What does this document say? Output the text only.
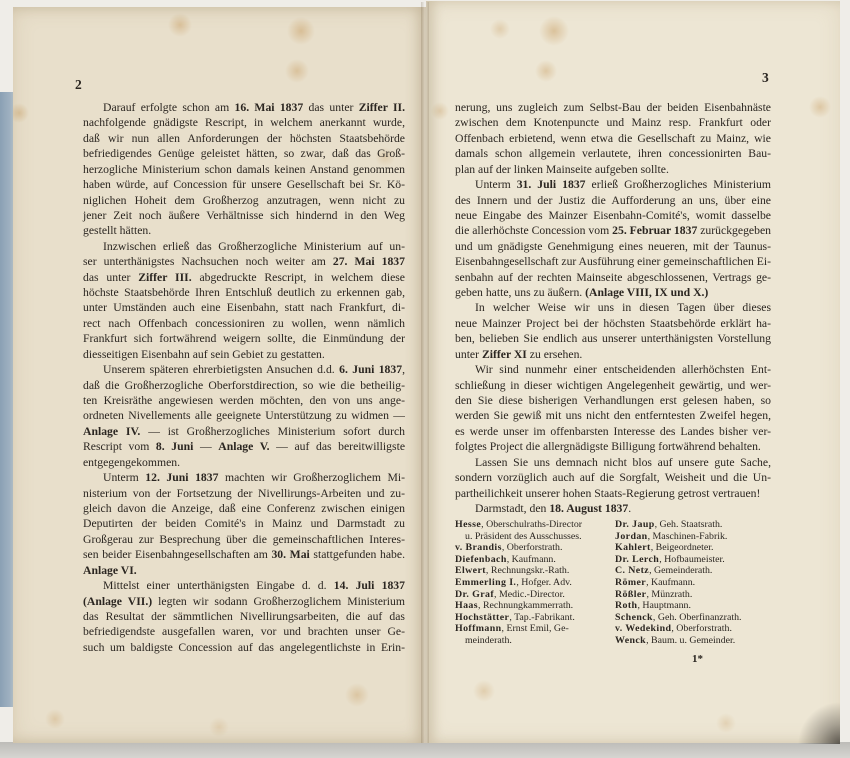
2
Darauf erfolgte schon am 16. Mai 1837 das unter Ziffer II.
nachfolgende gnädigste Rescript, in welchem anerkannt wurde,
daß wir nun allen Anforderungen der höchsten Staatsbehörde
befriedigendes Genüge geleistet hätten, so zwar, daß das Groß-
herzogliche Ministerium schon damals keinen Anstand genommen
haben würde, auf Concession für unsere Gesellschaft bei Sr. Kö-
niglichen Hoheit dem Großherzog anzutragen, wenn nicht zu
jener Zeit noch äußere Verhältnisse sich hindernd in den Weg
gestellt hätten.
Inzwischen erließ das Großherzogliche Ministerium auf un-
ser unterthänigstes Nachsuchen noch weiter am 27. Mai 1837
das unter Ziffer III. abgedruckte Rescript, in welchem diese
höchste Staatsbehörde Ihren Entschluß deutlich zu erkennen gab,
unter Umständen auch eine Eisenbahn, statt nach Frankfurt, di-
rect nach Offenbach concessioniren zu wollen, wenn nämlich
Frankfurt sich fortwährend weigern sollte, die Einmündung der
diesseitigen Eisenbahn auf sein Gebiet zu gestatten.
Unserem späteren ehrerbietigsten Ansuchen d.d. 6. Juni 1837,
daß die Großherzogliche Oberforstdirection, so wie die betheilig-
ten Kreisräthe angewiesen werden möchten, den von uns ange-
ordneten Nivellements alle geeignete Unterstützung zu widmen —
Anlage IV. — ist Großherzogliches Ministerium sofort durch
Rescript vom 8. Juni — Anlage V. — auf das bereitwilligste
entgegengekommen.
Unterm 12. Juni 1837 machten wir Großherzoglichem Mi-
nisterium von der Fortsetzung der Nivellirungs-Arbeiten und zu-
gleich davon die Anzeige, daß eine Conferenz zwischen einigen
Deputirten der beiden Comité's in Mainz und Darmstadt zu
Großgerau zur Besprechung über die gemeinschaftlichen Interes-
sen beider Eisenbahngesellschaften am 30. Mai stattgefunden habe.
Anlage VI.
Mittelst einer unterthänigsten Eingabe d. d. 14. Juli 1837
(Anlage VII.) legten wir sodann Großherzoglichem Ministerium
das Resultat der sämmtlichen Nivellirungsarbeiten, die auf das
befriedigendste ausgefallen waren, vor und brachten unser Ge-
such um baldigste Concession auf das angelegentlichste in Erin-
3
nerung, uns zugleich zum Selbst-Bau der beiden Eisenbahnäste
zwischen dem Knotenpuncte und Mainz resp. Frankfurt oder
Offenbach erbietend, wenn etwa die Gesellschaft zu Mainz, wie
damals schon allgemein verlautete, ihren concessionirten Bau-
plan auf der linken Mainseite aufgeben sollte.
Unterm 31. Juli 1837 erließ Großherzogliches Ministerium
des Innern und der Justiz die Aufforderung an uns, über eine
neue Eingabe des Mainzer Eisenbahn-Comité's, womit dasselbe
die allerhöchste Concession vom 25. Februar 1837 zurückgegeben
und um gnädigste Genehmigung eines neueren, mit der Taunus-
Eisenbahngesellschaft zur Ausführung einer gemeinschaftlichen Ei-
senbahn auf der rechten Mainseite abgeschlossenen, Vertrags ge-
geben hatte, uns zu äußern. (Anlage VIII, IX und X.)
In welcher Weise wir uns in diesen Tagen über dieses
neue Mainzer Project bei der höchsten Staatsbehörde erklärt ha-
ben, belieben Sie endlich aus unserer unterthänigsten Vorstellung
unter Ziffer XI zu ersehen.
Wir sind nunmehr einer entscheidenden allerhöchsten Ent-
schließung in dieser wichtigen Angelegenheit gewärtig, und wer-
den Sie diese bisherigen Verhandlungen erst gelesen haben, so
werden Sie gewiß mit uns nicht den entferntesten Zweifel hegen,
es werde unser im offenbarsten Interesse des Landes bisher ver-
folgtes Project die allergnädigste Billigung fortwährend behalten.
Lassen Sie uns demnach nicht blos auf unsere gute Sache,
sondern vorzüglich auch auf die Sorgfalt, Weisheit und die Un-
partheilichkeit unserer hohen Staats-Regierung getrost vertrauen!
Darmstadt, den 18. August 1837.
Hesse, Oberschulraths-Director
u. Präsident des Ausschusses.
v. Brandis, Oberforstrath.
Diefenbach, Kaufmann.
Elwert, Rechnungskr.-Rath.
Emmerling I., Hofger. Adv.
Dr. Graf, Medic.-Director.
Haas, Rechnungkammerrath.
Hochstätter, Tap.-Fabrikant.
Hoffmann, Ernst Emil, Ge-
meinderath.
Dr. Jaup, Geh. Staatsrath.
Jordan, Maschinen-Fabrik.
Kahlert, Beigeordneter.
Dr. Lerch, Hofbaumeister.
C. Netz, Gemeinderath.
Römer, Kaufmann.
Rößler, Münzrath.
Roth, Hauptmann.
Schenck, Geh. Oberfinanzrath.
v. Wedekind, Oberforstrath.
Wenck, Baum. u. Gemeinder.
1*
